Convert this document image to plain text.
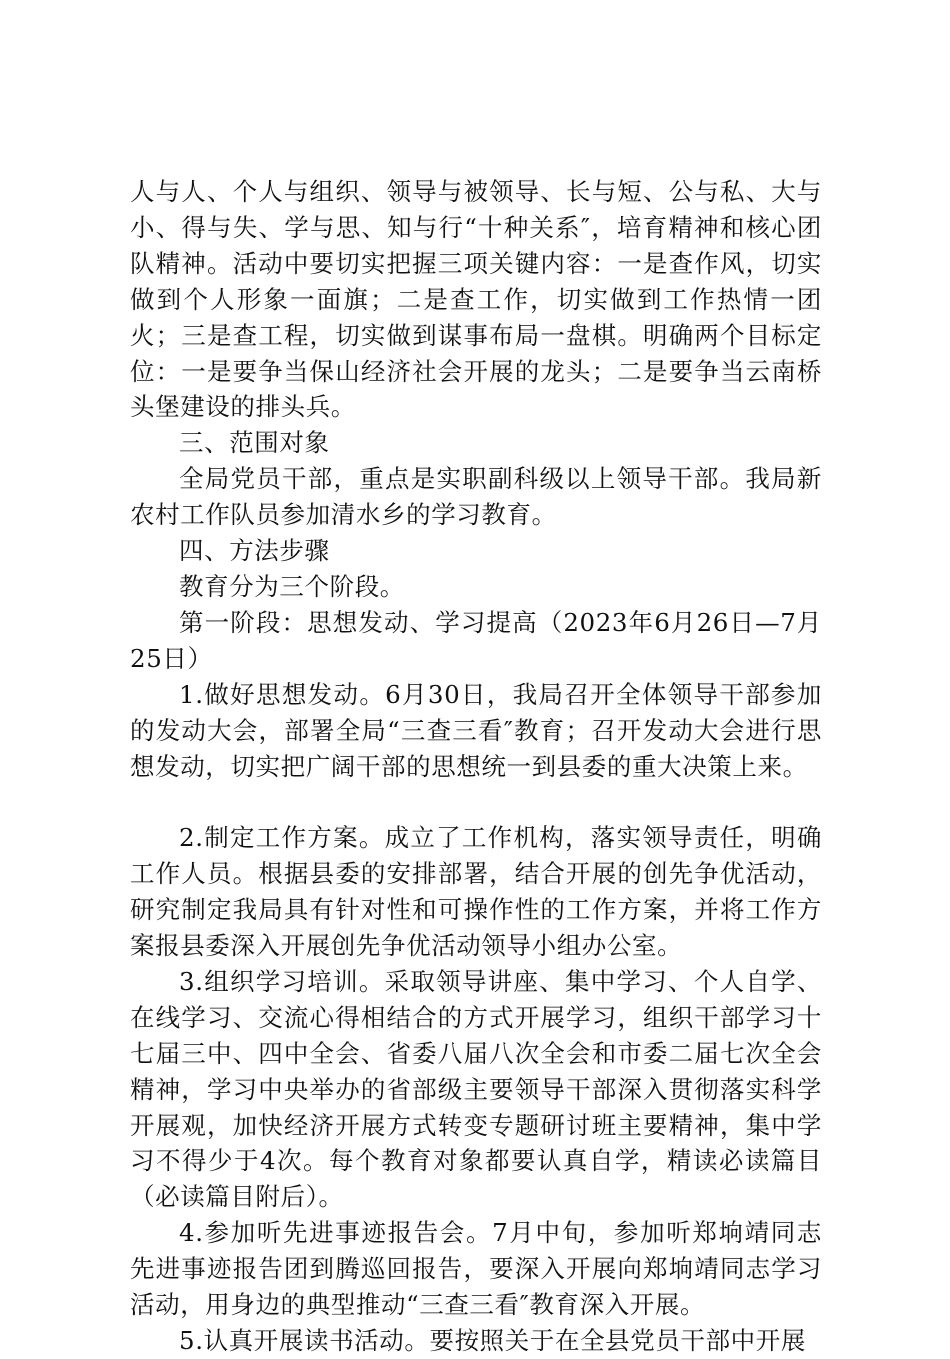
人与人、个人与组织、领导与被领导、长与短、公与私、大与小、得与失、学与思、知与行“十种关系″，培育精神和核心团队精神。活动中要切实把握三项关键内容：一是查作风，切实做到个人形象一面旗；二是查工作，切实做到工作热情一团火；三是查工程，切实做到谋事布局一盘棋。明确两个目标定位：一是要争当保山经济社会开展的龙头；二是要争当云南桥头堡建设的排头兵。

三、范围对象

全局党员干部，重点是实职副科级以上领导干部。我局新农村工作队员参加清水乡的学习教育。

四、方法步骤

教育分为三个阶段。

第一阶段：思想发动、学习提高（2023年6月26日—7月25日）

1.做好思想发动。6月30日，我局召开全体领导干部参加的发动大会，部署全局“三查三看″教育；召开发动大会进行思想发动，切实把广阔干部的思想统一到县委的重大决策上来。

2.制定工作方案。成立了工作机构，落实领导责任，明确工作人员。根据县委的安排部署，结合开展的创先争优活动，研究制定我局具有针对性和可操作性的工作方案，并将工作方案报县委深入开展创先争优活动领导小组办公室。

3.组织学习培训。采取领导讲座、集中学习、个人自学、在线学习、交流心得相结合的方式开展学习，组织干部学习十七届三中、四中全会、省委八届八次全会和市委二届七次全会精神，学习中央举办的省部级主要领导干部深入贯彻落实科学开展观，加快经济开展方式转变专题研讨班主要精神，集中学习不得少于4次。每个教育对象都要认真自学，精读必读篇目（必读篇目附后）。

4.参加听先进事迹报告会。7月中旬，参加听郑垧靖同志先进事迹报告团到腾巡回报告，要深入开展向郑垧靖同志学习活动，用身边的典型推动“三查三看″教育深入开展。

5.认真开展读书活动。要按照关于在全县党员干部中开展
